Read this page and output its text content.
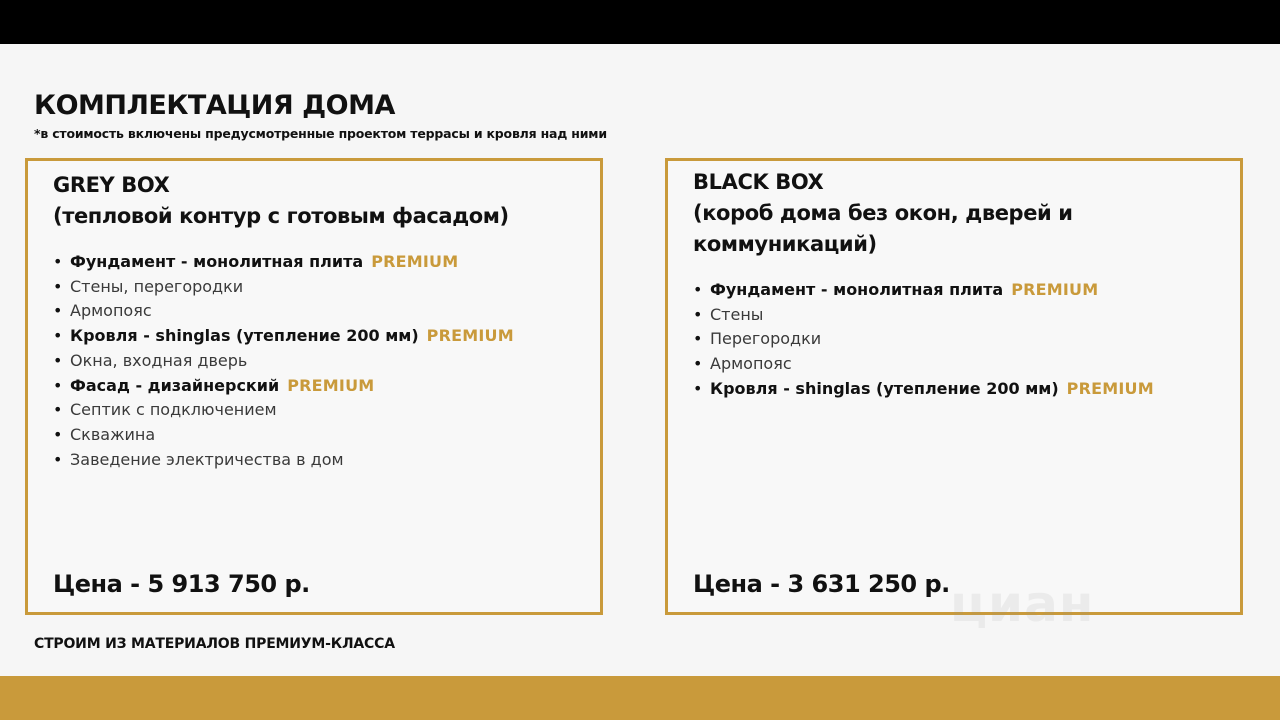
КОМПЛЕКТАЦИЯ ДОМА
*в стоимость включены предусмотренные проектом террасы и кровля над ними
GREY BOX
(тепловой контур с готовым фасадом)
• Фундамент - монолитная плита PREMIUM
• Стены, перегородки
• Армопояс
• Кровля - shinglas (утепление 200 мм) PREMIUM
• Окна, входная дверь
• Фасад - дизайнерский PREMIUM
• Септик с подключением
• Скважина
• Заведение электричества в дом
Цена - 5 913 750 р.
BLACK BOX
(короб дома без окон, дверей и
коммуникаций)
• Фундамент - монолитная плита PREMIUM
• Стены
• Перегородки
• Армопояс
• Кровля - shinglas (утепление 200 мм) PREMIUM
Цена - 3 631 250 р.
СТРОИМ ИЗ МАТЕРИАЛОВ ПРЕМИУМ-КЛАССА
циан
